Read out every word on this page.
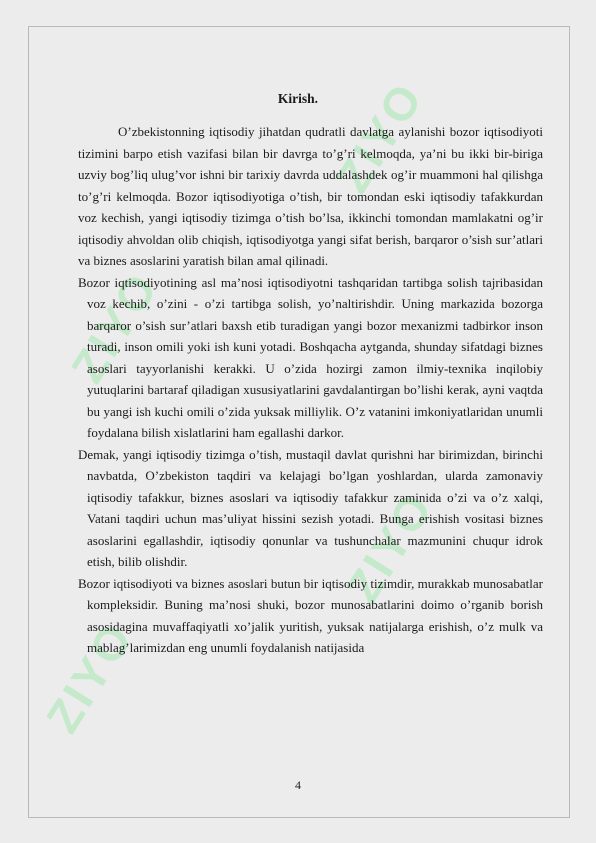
ZIYO
ZIYO
ZIYO
ZIYO
Kirish.

O’zbekistonning iqtisodiy jihatdan qudratli davlatga aylanishi bozor iqtisodiyoti tizimini barpo etish vazifasi bilan bir davrga to’g’ri kelmoqda, ya’ni bu ikki bir-biriga uzviy bog’liq ulug’vor ishni bir tarixiy davrda uddalashdek og’ir muammoni hal qilishga to’g’ri kelmoqda. Bozor iqtisodiyotiga o’tish, bir tomondan eski iqtisodiy tafakkurdan voz kechish, yangi iqtisodiy tizimga o’tish bo’lsa, ikkinchi tomondan mamlakatni og’ir iqtisodiy ahvoldan olib chiqish, iqtisodiyotga yangi sifat berish, barqaror o’sish sur’atlari va biznes asoslarini yaratish bilan amal qilinadi.

Bozor iqtisodiyotining asl ma’nosi iqtisodiyotni tashqaridan tartibga solish tajribasidan voz kechib, o’zini - o’zi tartibga solish, yo’naltirishdir. Uning markazida bozorga barqaror o’sish sur’atlari baxsh etib turadigan yangi bozor mexanizmi tadbirkor inson turadi, inson omili yoki ish kuni yotadi. Boshqacha aytganda, shunday sifatdagi biznes asoslari tayyorlanishi kerakki. U o’zida hozirgi zamon ilmiy-texnika inqilobiy yutuqlarini bartaraf qiladigan xususiyatlarini gavdalantirgan bo’lishi kerak, ayni vaqtda bu yangi ish kuchi omili o’zida yuksak milliylik. O’z vatanini imkoniyatlaridan unumli foydalana bilish xislatlarini ham egallashi darkor.

Demak, yangi iqtisodiy tizimga o’tish, mustaqil davlat qurishni har birimizdan, birinchi navbatda, O’zbekiston taqdiri va kelajagi bo’lgan yoshlardan, ularda zamonaviy iqtisodiy tafakkur, biznes asoslari va iqtisodiy tafakkur zaminida o’zi va o’z xalqi, Vatani taqdiri uchun mas’uliyat hissini sezish yotadi. Bunga erishish vositasi biznes asoslarini egallashdir, iqtisodiy qonunlar va tushunchalar mazmunini chuqur idrok etish, bilib olishdir.

Bozor iqtisodiyoti va biznes asoslari butun bir iqtisodiy tizimdir, murakkab munosabatlar kompleksidir. Buning ma’nosi shuki, bozor munosabatlarini doimo o’rganib borish asosidagina muvaffaqiyatli xo’jalik yuritish, yuksak natijalarga erishish, o’z mulk va mablag’larimizdan eng unumli foydalanish natijasida

4
